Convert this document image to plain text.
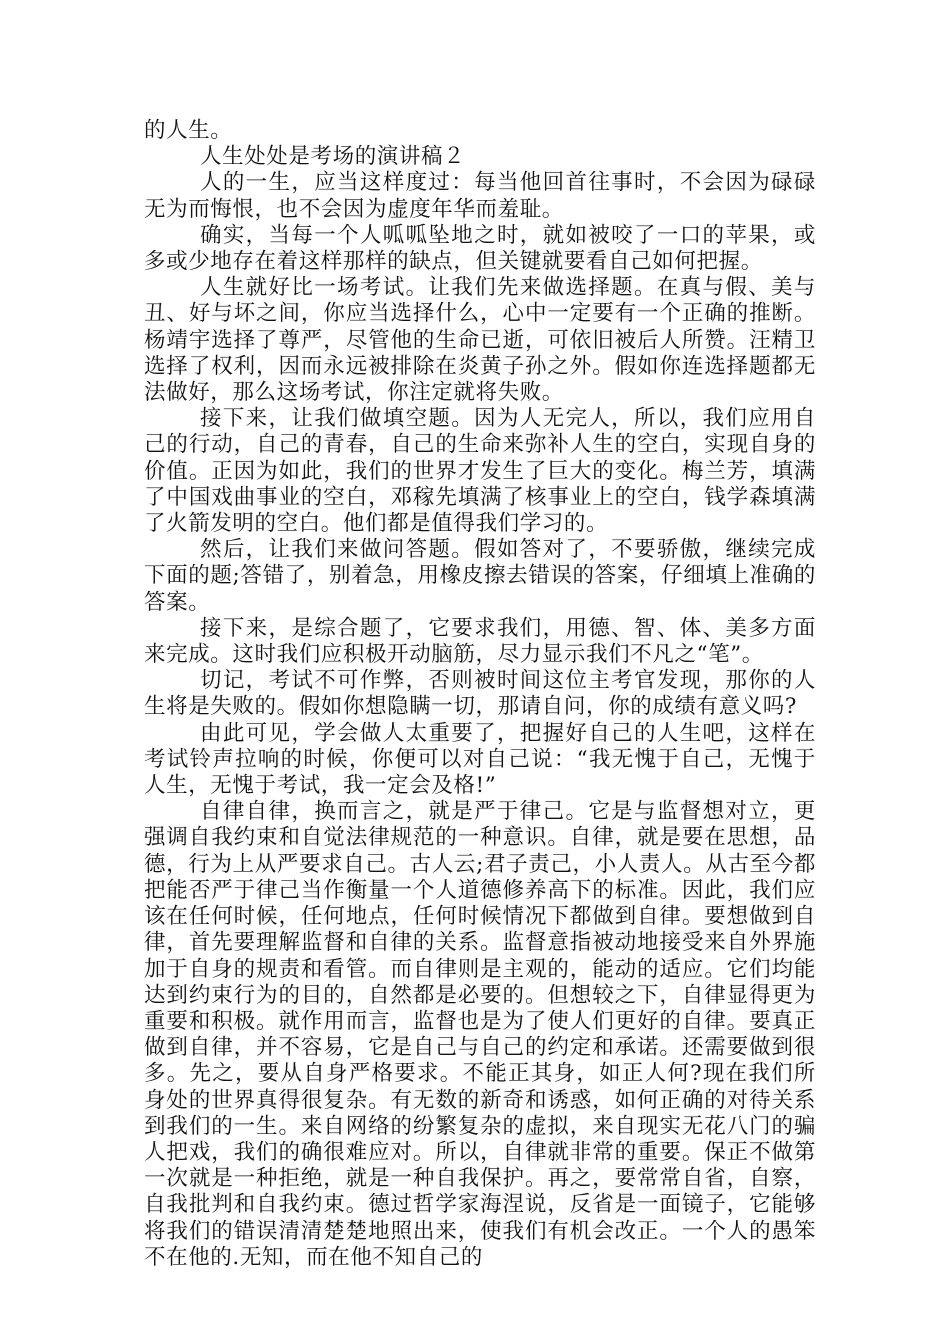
的人生。

人生处处是考场的演讲稿２

人的一生，应当这样度过：每当他回首往事时，不会因为碌碌无为而悔恨，也不会因为虚度年华而羞耻。

确实，当每一个人呱呱坠地之时，就如被咬了一口的苹果，或多或少地存在着这样那样的缺点，但关键就要看自己如何把握。

人生就好比一场考试。让我们先来做选择题。在真与假、美与丑、好与坏之间，你应当选择什么，心中一定要有一个正确的推断。杨靖宇选择了尊严，尽管他的生命已逝，可依旧被后人所赞。汪精卫选择了权利，因而永远被排除在炎黄子孙之外。假如你连选择题都无法做好，那么这场考试，你注定就将失败。

接下来，让我们做填空题。因为人无完人，所以，我们应用自己的行动，自己的青春，自己的生命来弥补人生的空白，实现自身的价值。正因为如此，我们的世界才发生了巨大的变化。梅兰芳，填满了中国戏曲事业的空白，邓稼先填满了核事业上的空白，钱学森填满了火箭发明的空白。他们都是值得我们学习的。

然后，让我们来做问答题。假如答对了，不要骄傲，继续完成下面的题;答错了，别着急，用橡皮擦去错误的答案，仔细填上准确的答案。

接下来，是综合题了，它要求我们，用德、智、体、美多方面来完成。这时我们应积极开动脑筋，尽力显示我们不凡之“笔”。

切记，考试不可作弊，否则被时间这位主考官发现，那你的人生将是失败的。假如你想隐瞒一切，那请自问，你的成绩有意义吗?

由此可见，学会做人太重要了，把握好自己的人生吧，这样在考试铃声拉响的时候，你便可以对自己说：“我无愧于自己，无愧于人生，无愧于考试，我一定会及格!”

自律自律，换而言之，就是严于律己。它是与监督想对立，更强调自我约束和自觉法律规范的一种意识。自律，就是要在思想，品德，行为上从严要求自己。古人云;君子责己，小人责人。从古至今都把能否严于律己当作衡量一个人道德修养高下的标准。因此，我们应该在任何时候，任何地点，任何时候情况下都做到自律。要想做到自律，首先要理解监督和自律的关系。监督意指被动地接受来自外界施加于自身的规责和看管。而自律则是主观的，能动的适应。它们均能达到约束行为的目的，自然都是必要的。但想较之下，自律显得更为重要和积极。就作用而言，监督也是为了使人们更好的自律。要真正做到自律，并不容易，它是自己与自己的约定和承诺。还需要做到很多。先之，要从自身严格要求。不能正其身，如正人何?现在我们所身处的世界真得很复杂。有无数的新奇和诱惑，如何正确的对待关系到我们的一生。来自网络的纷繁复杂的虚拟，来自现实无花八门的骗人把戏，我们的确很难应对。所以，自律就非常的重要。保正不做第一次就是一种拒绝，就是一种自我保护。再之，要常常自省，自察，自我批判和自我约束。德过哲学家海涅说，反省是一面镜子，它能够将我们的错误清清楚楚地照出来，使我们有机会改正。一个人的愚笨不在他的.无知，而在他不知自己的
